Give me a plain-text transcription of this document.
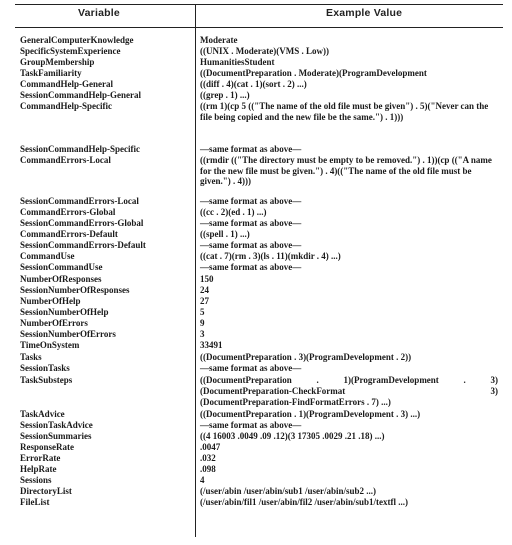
Variable	Example Value
GeneralComputerKnowledge	Moderate
SpecificSystemExperience	((UNIX . Moderate)(VMS . Low))
GroupMembership	HumanitiesStudent
TaskFamiliarity	((DocumentPreparation . Moderate)(ProgramDevelopment
CommandHelp-General	((diff . 4)(cat . 1)(sort . 2) ...)
SessionCommandHelp-General	((grep . 1) ...)
CommandHelp-Specific	((rm 1)(cp 5 (("The name of the old file must be given") . 5)("Never can the file being copied and the new file be the same.") . 1)))
SessionCommandHelp-Specific	—same format as above—
CommandErrors-Local	((rmdir (("The directory must be empty to be removed.") . 1))(cp (("A name for the new file must be given.") . 4)(("The name of the old file must be given.") . 4)))
SessionCommandErrors-Local	—same format as above—
CommandErrors-Global	((cc . 2)(ed . 1) ...)
SessionCommandErrors-Global	—same format as above—
CommandErrors-Default	((spell . 1) ...)
SessionCommandErrors-Default	—same format as above—
CommandUse	((cat . 7)(rm . 3)(ls . 11)(mkdir . 4) ...)
SessionCommandUse	—same format as above—
NumberOfResponses	150
SessionNumberOfResponses	24
NumberOfHelp	27
SessionNumberOfHelp	5
NumberOfErrors	9
SessionNumberOfErrors	3
TimeOnSystem	33491
Tasks	((DocumentPreparation . 3)(ProgramDevelopment . 2))
SessionTasks	—same format as above—
TaskSubsteps	((DocumentPreparation . 1)(ProgramDevelopment . 3)
(DocumentPreparation-CheckFormat 3)
(DocumentPreparation-FindFormatErrors . 7) ...)
TaskAdvice	((DocumentPreparation . 1)(ProgramDevelopment . 3) ...)
SessionTaskAdvice	—same format as above—
SessionSummaries	((4 16003 .0049 .09 .12)(3 17305 .0029 .21 .18) ...)
ResponseRate	.0047
ErrorRate	.032
HelpRate	.098
Sessions	4
DirectoryList	(/user/abin /user/abin/sub1 /user/abin/sub2 ...)
FileList	(/user/abin/fil1 /user/abin/fil2 /user/abin/sub1/textfl ...)
